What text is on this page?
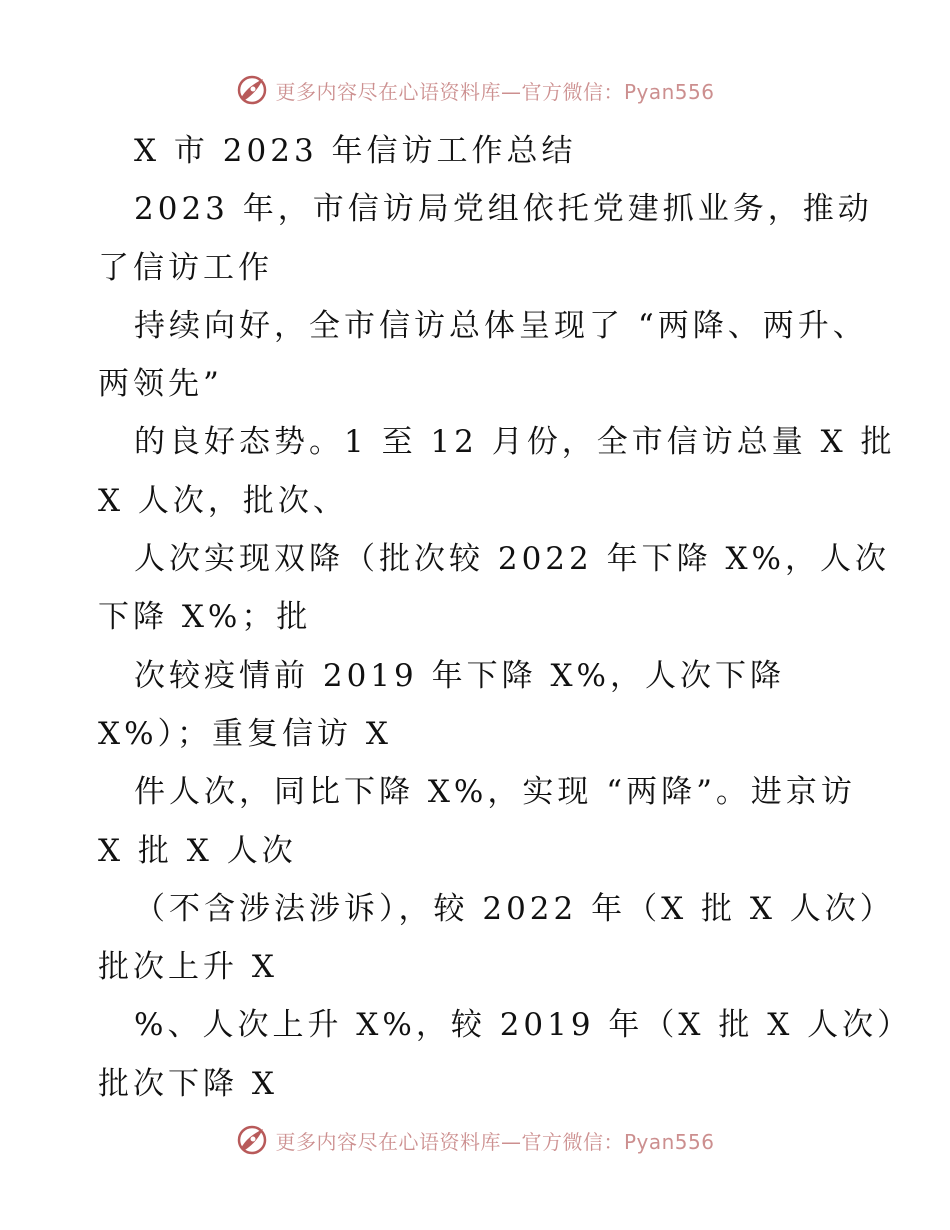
更多内容尽在心语资料库—官方微信：Pyan556
X 市 2023 年信访工作总结
2023 年，市信访局党组依托党建抓业务，推动
了信访工作
持续向好，全市信访总体呈现了 “两降、两升、
两领先”
的良好态势。1 至 12 月份，全市信访总量 X 批
X 人次，批次、
人次实现双降（批次较 2022 年下降 X%，人次
下降 X%；批
次较疫情前 2019 年下降 X%，人次下降
X%）；重复信访 X
件人次，同比下降 X%，实现 “两降”。进京访
X 批 X 人次
（不含涉法涉诉），较 2022 年（X 批 X 人次）
批次上升 X
%、人次上升 X%，较 2019 年（X 批 X 人次）
批次下降 X
更多内容尽在心语资料库—官方微信：Pyan556
